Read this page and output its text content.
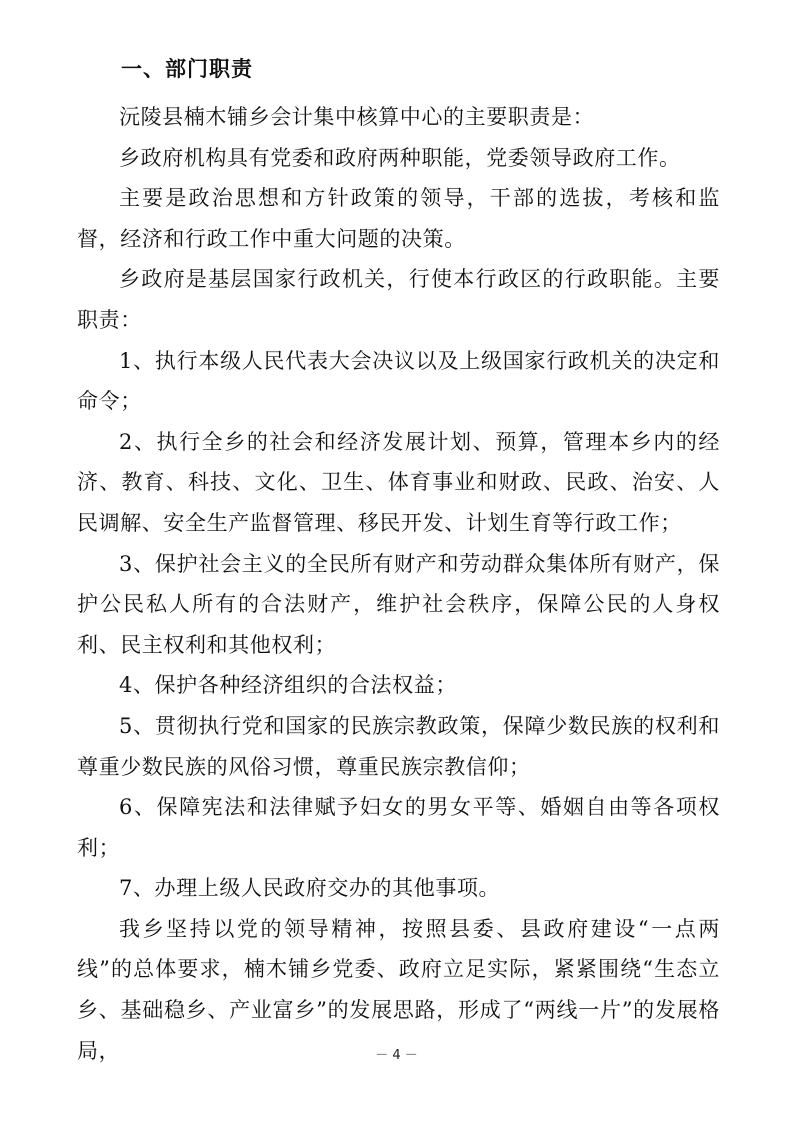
一、部门职责

沅陵县楠木铺乡会计集中核算中心的主要职责是：

乡政府机构具有党委和政府两种职能，党委领导政府工作。

主要是政治思想和方针政策的领导，干部的选拔，考核和监督，经济和行政工作中重大问题的决策。

乡政府是基层国家行政机关，行使本行政区的行政职能。主要职责：

1、执行本级人民代表大会决议以及上级国家行政机关的决定和命令；

2、执行全乡的社会和经济发展计划、预算，管理本乡内的经济、教育、科技、文化、卫生、体育事业和财政、民政、治安、人民调解、安全生产监督管理、移民开发、计划生育等行政工作；

3、保护社会主义的全民所有财产和劳动群众集体所有财产，保护公民私人所有的合法财产，维护社会秩序，保障公民的人身权利、民主权利和其他权利；

4、保护各种经济组织的合法权益；

5、贯彻执行党和国家的民族宗教政策，保障少数民族的权利和尊重少数民族的风俗习惯，尊重民族宗教信仰；

6、保障宪法和法律赋予妇女的男女平等、婚姻自由等各项权利；

7、办理上级人民政府交办的其他事项。

我乡坚持以党的领导精神，按照县委、县政府建设“一点两线”的总体要求，楠木铺乡党委、政府立足实际，紧紧围绕“生态立乡、基础稳乡、产业富乡”的发展思路，形成了“两线一片”的发展格局，	－ 4 －
